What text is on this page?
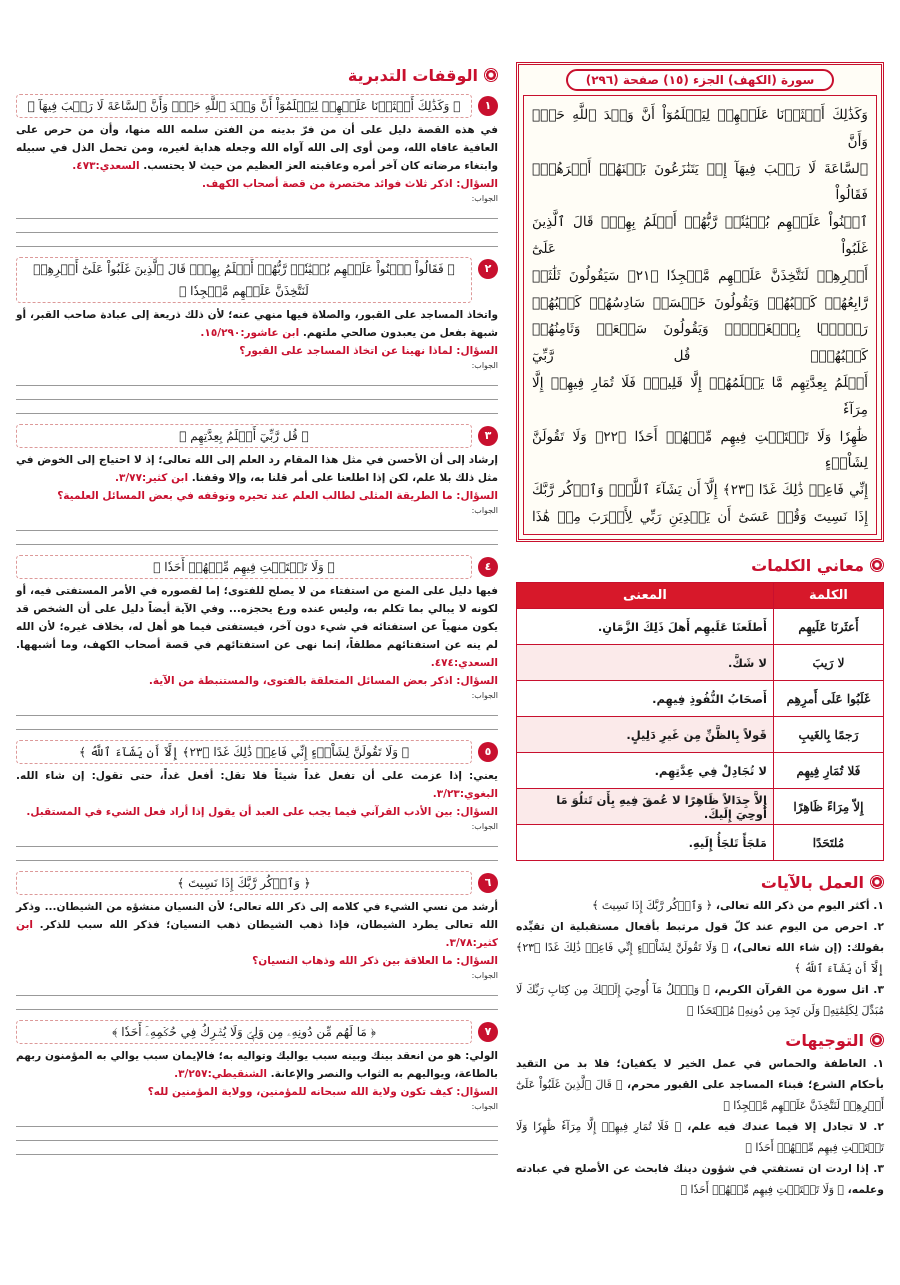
سورة (الكهف) الجزء (١٥) صفحة (٢٩٦)
وَكَذَٰلِكَ أَعۡثَرۡنَا عَلَيۡهِمۡ لِيَعۡلَمُوٓاْ أَنَّ وَعۡدَ ٱللَّهِ حَقّٞ وَأَنَّ
ٱلسَّاعَةَ لَا رَيۡبَ فِيهَآ إِذۡ يَتَنَٰزَعُونَ بَيۡنَهُمۡ أَمۡرَهُمۡۖ فَقَالُواْ
ٱبۡنُواْ عَلَيۡهِم بُنۡيَٰنٗاۖ رَّبُّهُمۡ أَعۡلَمُ بِهِمۡۚ قَالَ ٱلَّذِينَ غَلَبُواْ عَلَىٰٓ
أَمۡرِهِمۡ لَنَتَّخِذَنَّ عَلَيۡهِم مَّسۡجِدٗا ﴿٢١﴾ سَيَقُولُونَ ثَلَٰثَةٞ
رَّابِعُهُمۡ كَلۡبُهُمۡ وَيَقُولُونَ خَمۡسَةٞ سَادِسُهُمۡ كَلۡبُهُمۡ
رَجۡمَۢا بِٱلۡغَيۡبِۖ وَيَقُولُونَ سَبۡعَةٞ وَثَامِنُهُمۡ كَلۡبُهُمۡۚ قُل رَّبِّيٓ
أَعۡلَمُ بِعِدَّتِهِم مَّا يَعۡلَمُهُمۡ إِلَّا قَلِيلٞۗ فَلَا تُمَارِ فِيهِمۡ إِلَّا مِرَآءٗ
ظَٰهِرٗا وَلَا تَسۡتَفۡتِ فِيهِم مِّنۡهُمۡ أَحَدٗا ﴿٢٢﴾ وَلَا تَقُولَنَّ لِشَاْيۡءٍ
إِنِّي فَاعِلٞ ذَٰلِكَ غَدًا ﴿٢٣﴾ إِلَّآ أَن يَشَآءَ ٱللَّهُۚ وَٱذۡكُر رَّبَّكَ
إِذَا نَسِيتَ وَقُلۡ عَسَىٰٓ أَن يَهۡدِيَنِ رَبِّي لِأَقۡرَبَ مِنۡ هَٰذَا
معاني الكلمات
الكلمة	المعنى
أَعثَرنَا عَلَيهِم	أَطلَعنَا عَلَيهِم أَهلَ ذَلِكَ الزَّمَانِ.
لا رَيبَ	لا شَكَّ.
غَلَبُوا عَلَى أَمرِهِم	أَصحَابُ النُّفُوذِ فِيهِم.
رَجمًا بِالغَيبِ	قَولاً بِالظَّنِّ مِن غَيرِ دَلِيلٍ.
فَلا تُمَارِ فِيهِم	لا تُجَادِلْ فِي عِدَّتِهِم.
إِلاّ مِرَاءً ظَاهِرًا	إِلاَّ جِدَالاً ظَاهِرًا لا عُمقَ فِيهِ بِأَن تَتلُوَ مَا أُوحِيَ إِلَيكَ.
مُلتَحَدًا	مَلجَأً تَلجَأُ إِلَيهِ.
العمل بالآيات

١. أكثر اليوم من ذكر الله تعالى، ﴿ وَٱذۡكُر رَّبَّكَ إِذَا نَسِيتَ ﴾

٢. احرص من اليوم عند كلّ قول مرتبط بأفعال مستقبلية ان تقيِّده بقولك: (إن شاء الله تعالى)، ﴿ وَلَا تَقُولَنَّ لِشَاْيۡءٍ إِنِّي فَاعِلٞ ذَٰلِكَ غَدًا ﴿٢٣﴾ إِلَّآ أَن يَشَآءَ ٱللَّهُ ﴾

٣. اتل سورة من القرآن الكريم، ﴿ وَٱتۡلُ مَآ أُوحِيَ إِلَيۡكَ مِن كِتَابِ رَبِّكَ لَا مُبَدِّلَ لِكَلِمَٰتِهِۦ وَلَن تَجِدَ مِن دُونِهِۦ مُلۡتَحَدٗا ﴾

التوجيهات

١. العاطفة والحماس في عمل الخير لا يكفيان؛ فلا بد من التقيد بأحكام الشرع؛ فبناء المساجد على القبور محرم، ﴿ قَالَ ٱلَّذِينَ غَلَبُواْ عَلَىٰٓ أَمۡرِهِمۡ لَنَتَّخِذَنَّ عَلَيۡهِم مَّسۡجِدٗا ﴾

٢. لا تجادل إلا فيما عندك فيه علم، ﴿ فَلَا تُمَارِ فِيهِمۡ إِلَّا مِرَآءٗ ظَٰهِرٗا وَلَا تَسۡتَفۡتِ فِيهِم مِّنۡهُمۡ أَحَدٗا ﴾

٣. إذا اردت ان تستفتي في شؤون دينك فابحث عن الأصلح في عبادته وعلمه، ﴿ وَلَا تَسۡتَفۡتِ فِيهِم مِّنۡهُمۡ أَحَدٗا ﴾

الوقفات التدبرية
١
﴿ وَكَذَٰلِكَ أَعۡثَرۡنَا عَلَيۡهِمۡ لِيَعۡلَمُوٓاْ أَنَّ وَعۡدَ ٱللَّهِ حَقّٞ وَأَنَّ ٱلسَّاعَةَ لَا رَيۡبَ فِيهَآ ﴾

في هذه القصة دليل على أن من فرّ بدينه من الفتن سلمه الله منها، وأن من حرص على العافية عافاه الله، ومن أوى إلى الله آواه الله وجعله هداية لغيره، ومن تحمل الذل في سبيله وابتغاء مرضاته كان آخر أمره وعاقبته العز العظيم من حيث لا يحتسب. السعدي:٤٧٣.

السؤال: اذكر ثلاث فوائد مختصرة من قصة أصحاب الكهف.

الجواب:

٢
﴿ فَقَالُواْ ٱبۡنُواْ عَلَيۡهِم بُنۡيَٰنٗاۖ رَّبُّهُمۡ أَعۡلَمُ بِهِمۡۚ قَالَ ٱلَّذِينَ غَلَبُواْ عَلَىٰٓ أَمۡرِهِمۡ لَنَتَّخِذَنَّ عَلَيۡهِم مَّسۡجِدٗا ﴾

واتخاذ المساجد على القبور، والصلاة فيها منهي عنه؛ لأن ذلك ذريعة إلى عبادة صاحب القبر، أو شبهة بفعل من يعبدون صالحي ملتهم. ابن عاشور:١٥/٢٩٠.

السؤال: لماذا نهينا عن اتخاذ المساجد على القبور؟

الجواب:

٣
﴿ قُل رَّبِّيٓ أَعۡلَمُ بِعِدَّتِهِم ﴾

إرشاد إلى أن الأحسن في مثل هذا المقام رد العلم إلى الله تعالى؛ إذ لا احتياج إلى الخوض في مثل ذلك بلا علم، لكن إذا اطلعنا على أمر قلنا به، وإلا وقفنا. ابن كثير:٣/٧٧.

السؤال: ما الطريقة المثلى لطالب العلم عند تحيره وتوقفه في بعض المسائل العلمية؟

الجواب:

٤
﴿ وَلَا تَسۡتَفۡتِ فِيهِم مِّنۡهُمۡ أَحَدٗا ﴾

فيها دليل على المنع من استفتاء من لا يصلح للفتوى؛ إما لقصوره في الأمر المستفتى فيه، أو لكونه لا يبالي بما تكلم به، وليس عنده ورع يحجزه... وفي الآية أيضاً دليل على أن الشخص قد يكون منهياً عن استفتائه في شيء دون آخر، فيستفتى فيما هو أهل له، بخلاف غيره؛ لأن الله لم ينه عن استفتائهم مطلقاً، إنما نهى عن استفتائهم في قصة أصحاب الكهف، وما أشبهها. السعدي:٤٧٤.

السؤال: اذكر بعض المسائل المتعلقة بالفتوى، والمستنبطة من الآية.

الجواب:

٥
﴿ وَلَا تَقُولَنَّ لِشَاْيۡءٍ إِنِّي فَاعِلٞ ذَٰلِكَ غَدًا ﴿٢٣﴾ إِلَّآ أَن يَشَآءَ ٱللَّهُ ﴾

يعني: إذا عزمت على أن تفعل غداً شيئاً فلا تقل: أفعل غداً، حتى تقول: إن شاء الله. البغوي:٣/٢٣.

السؤال: بين الأدب القرآني فيما يجب على العبد أن يقول إذا أراد فعل الشيء في المستقبل.

الجواب:

٦
﴿ وَٱذۡكُر رَّبَّكَ إِذَا نَسِيتَ ﴾

أرشد من نسي الشيء في كلامه إلى ذكر الله تعالى؛ لأن النسيان منشؤه من الشيطان... وذكر الله تعالى يطرد الشيطان، فإذا ذهب الشيطان ذهب النسيان؛ فذكر الله سبب للذكر. ابن كثير:٣/٧٨.

السؤال: ما العلاقة بين ذكر الله وذهاب النسيان؟

الجواب:

٧
﴿ مَا لَهُم مِّن دُونِهِۦ مِن وَلِيّٖ وَلَا يُشۡرِكُ فِي حُكۡمِهِۦٓ أَحَدٗا ﴾

الولي: هو من انعقد بينك وبينه سبب يواليك وتواليه به؛ فالإيمان سبب يوالي به المؤمنون ربهم بالطاعة، ويواليهم به الثواب والنصر والإعانة. الشنقيطي:٣/٢٥٧.

السؤال: كيف تكون ولاية الله سبحانه للمؤمنين، وولاية المؤمنين لله؟

الجواب:
